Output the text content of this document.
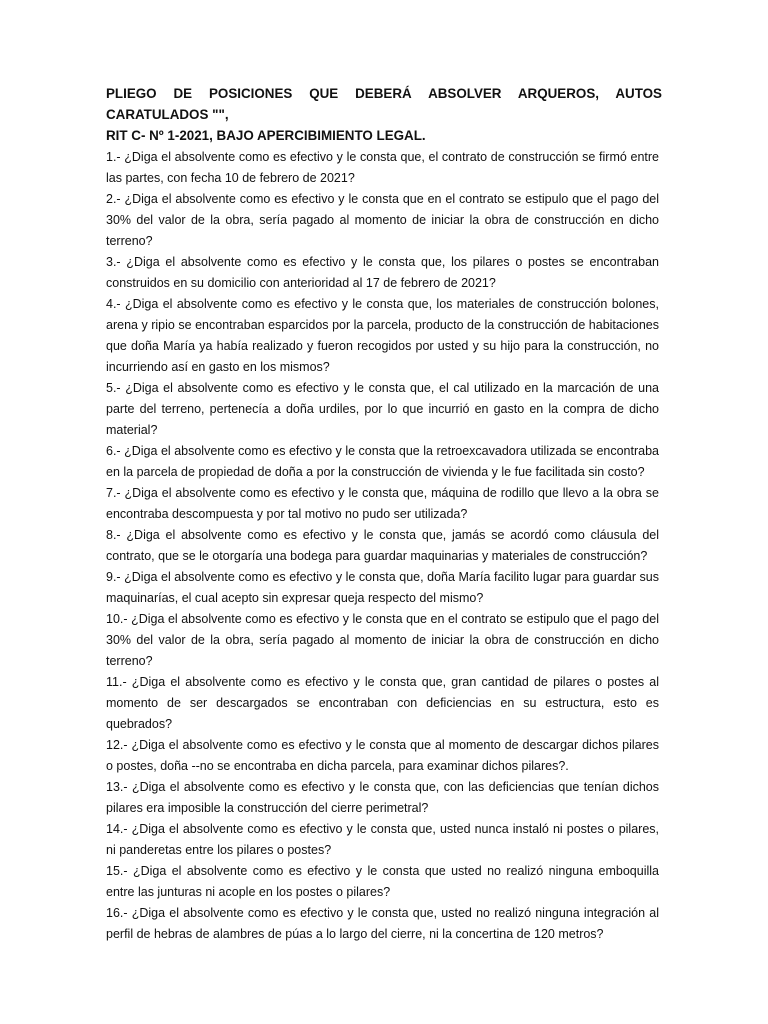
PLIEGO DE POSICIONES QUE DEBERÁ ABSOLVER ARQUEROS, AUTOS CARATULADOS "",
RIT C- Nº 1-2021, BAJO APERCIBIMIENTO LEGAL.
1.- ¿Diga el absolvente como es efectivo y le consta que, el contrato de construcción se firmó entre las partes, con fecha 10 de febrero de 2021?
2.- ¿Diga el absolvente como es efectivo y le consta que en el contrato se estipulo que el pago del 30% del valor de la obra, sería pagado al momento de iniciar la obra de construcción en dicho terreno?
3.- ¿Diga el absolvente como es efectivo y le consta que, los pilares o postes se encontraban construidos en su domicilio con anterioridad al 17 de febrero de 2021?
4.- ¿Diga el absolvente como es efectivo y le consta que, los materiales de construcción bolones, arena y ripio se encontraban esparcidos por la parcela, producto de la construcción de habitaciones que doña María ya había realizado y fueron recogidos por usted y su hijo para la construcción, no incurriendo así en gasto en los mismos?
5.- ¿Diga el absolvente como es efectivo y le consta que, el cal utilizado en la marcación de una parte del terreno, pertenecía a doña urdiles, por lo que incurrió en gasto en la compra de dicho material?
6.- ¿Diga el absolvente como es efectivo y le consta que la retroexcavadora utilizada se encontraba en la parcela de propiedad de doña a por la construcción de vivienda y le fue facilitada sin costo?
7.- ¿Diga el absolvente como es efectivo y le consta que, máquina de rodillo que llevo a la obra se encontraba descompuesta y por tal motivo no pudo ser utilizada?
8.- ¿Diga el absolvente como es efectivo y le consta que, jamás se acordó como cláusula del contrato, que se le otorgaría una bodega para guardar maquinarias y materiales de construcción?
9.- ¿Diga el absolvente como es efectivo y le consta que, doña María facilito lugar para guardar sus maquinarías, el cual acepto sin expresar queja respecto del mismo?
10.- ¿Diga el absolvente como es efectivo y le consta que en el contrato se estipulo que el pago del 30% del valor de la obra, sería pagado al momento de iniciar la obra de construcción en dicho terreno?
11.- ¿Diga el absolvente como es efectivo y le consta que, gran cantidad de pilares o postes al momento de ser descargados se encontraban con deficiencias en su estructura, esto es quebrados?
12.- ¿Diga el absolvente como es efectivo y le consta que al momento de descargar dichos pilares o postes, doña --no se encontraba en dicha parcela, para examinar dichos pilares?.
13.- ¿Diga el absolvente como es efectivo y le consta que, con las deficiencias que tenían dichos pilares era imposible la construcción del cierre perimetral?
14.- ¿Diga el absolvente como es efectivo y le consta que, usted nunca instaló ni postes o pilares, ni panderetas entre los pilares o postes?
15.- ¿Diga el absolvente como es efectivo y le consta que usted no realizó ninguna emboquilla entre las junturas ni acople en los postes o pilares?
16.- ¿Diga el absolvente como es efectivo y le consta que, usted no realizó ninguna integración al perfil de hebras de alambres de púas a lo largo del cierre, ni la concertina de 120 metros?
